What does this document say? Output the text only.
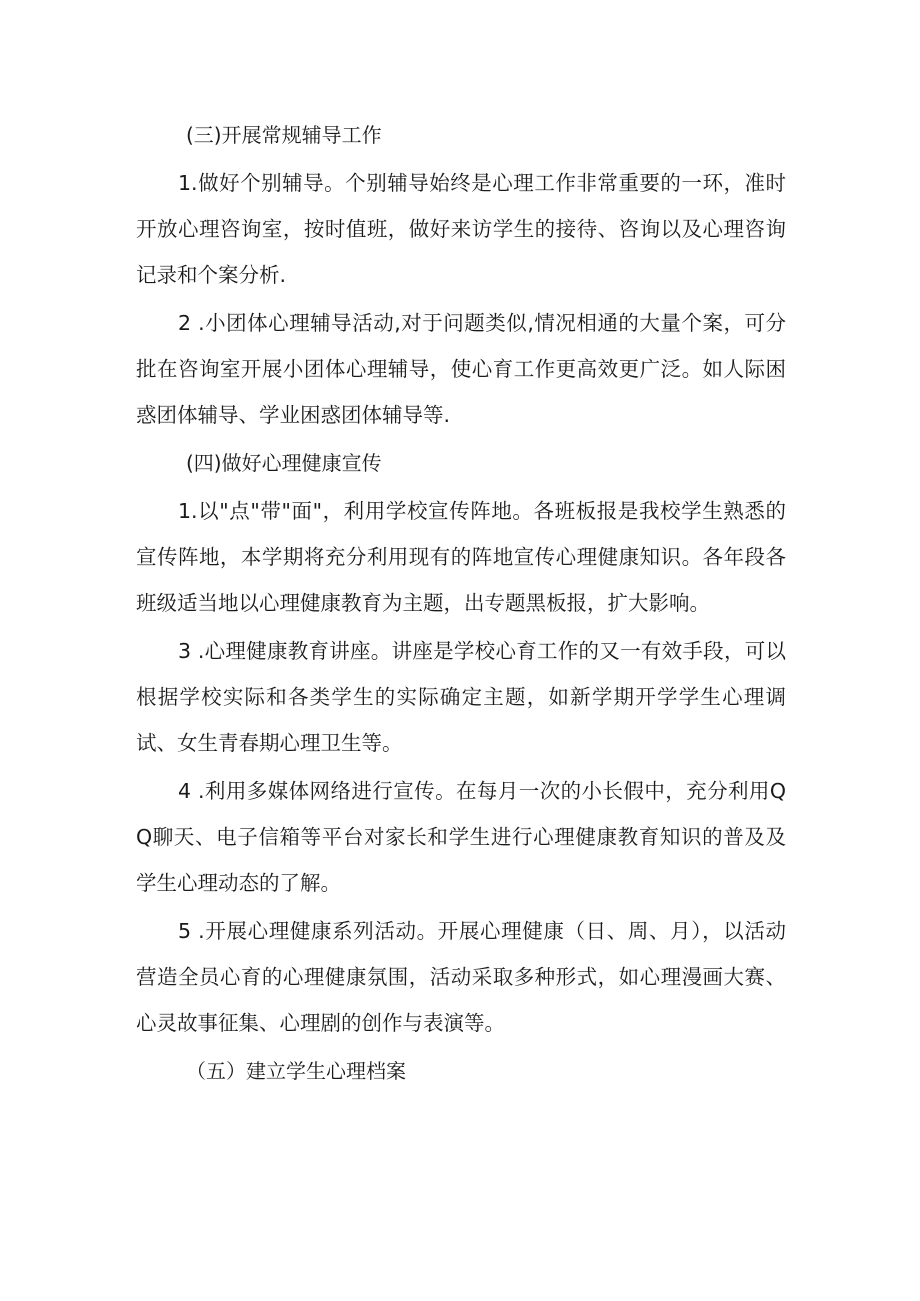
(三)开展常规辅导工作
1.做好个别辅导。个别辅导始终是心理工作非常重要的一环，准时开放心理咨询室，按时值班，做好来访学生的接待、咨询以及心理咨询记录和个案分析.
2 .小团体心理辅导活动,对于问题类似,情况相通的大量个案，可分批在咨询室开展小团体心理辅导，使心育工作更高效更广泛。如人际困惑团体辅导、学业困惑团体辅导等.
(四)做好心理健康宣传
1.以"点"带"面"，利用学校宣传阵地。各班板报是我校学生熟悉的宣传阵地，本学期将充分利用现有的阵地宣传心理健康知识。各年段各班级适当地以心理健康教育为主题，出专题黑板报，扩大影响。
3 .心理健康教育讲座。讲座是学校心育工作的又一有效手段，可以根据学校实际和各类学生的实际确定主题，如新学期开学学生心理调试、女生青春期心理卫生等。
4 .利用多媒体网络进行宣传。在每月一次的小长假中，充分利用QQ聊天、电子信箱等平台对家长和学生进行心理健康教育知识的普及及学生心理动态的了解。
5 .开展心理健康系列活动。开展心理健康（日、周、月），以活动营造全员心育的心理健康氛围，活动采取多种形式，如心理漫画大赛、心灵故事征集、心理剧的创作与表演等。
（五）建立学生心理档案
